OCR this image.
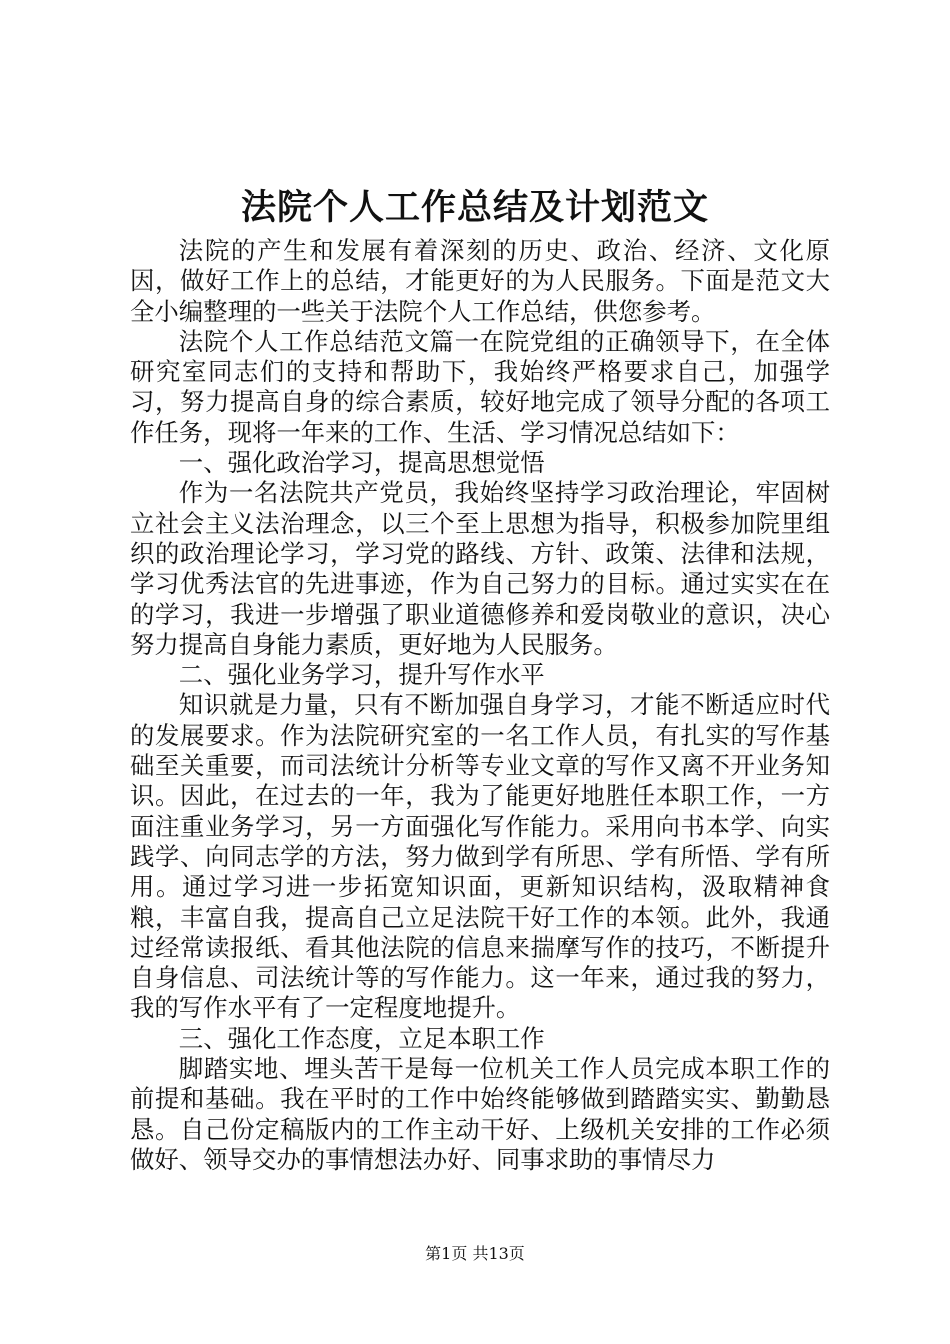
法院个人工作总结及计划范文

法院的产生和发展有着深刻的历史、政治、经济、文化原因，做好工作上的总结，才能更好的为人民服务。下面是范文大全小编整理的一些关于法院个人工作总结，供您参考。

法院个人工作总结范文篇一在院党组的正确领导下，在全体研究室同志们的支持和帮助下，我始终严格要求自己，加强学习，努力提高自身的综合素质，较好地完成了领导分配的各项工作任务，现将一年来的工作、生活、学习情况总结如下：

一、强化政治学习，提高思想觉悟

作为一名法院共产党员，我始终坚持学习政治理论，牢固树立社会主义法治理念，以三个至上思想为指导，积极参加院里组织的政治理论学习，学习党的路线、方针、政策、法律和法规，学习优秀法官的先进事迹，作为自己努力的目标。通过实实在在的学习，我进一步增强了职业道德修养和爱岗敬业的意识，决心努力提高自身能力素质，更好地为人民服务。

二、强化业务学习，提升写作水平

知识就是力量，只有不断加强自身学习，才能不断适应时代的发展要求。作为法院研究室的一名工作人员，有扎实的写作基础至关重要，而司法统计分析等专业文章的写作又离不开业务知识。因此，在过去的一年，我为了能更好地胜任本职工作，一方面注重业务学习，另一方面强化写作能力。采用向书本学、向实践学、向同志学的方法，努力做到学有所思、学有所悟、学有所用。通过学习进一步拓宽知识面，更新知识结构，汲取精神食粮，丰富自我，提高自己立足法院干好工作的本领。此外，我通过经常读报纸、看其他法院的信息来揣摩写作的技巧，不断提升自身信息、司法统计等的写作能力。这一年来，通过我的努力，我的写作水平有了一定程度地提升。

三、强化工作态度，立足本职工作

脚踏实地、埋头苦干是每一位机关工作人员完成本职工作的前提和基础。我在平时的工作中始终能够做到踏踏实实、勤勤恳恳。自己份定稿版内的工作主动干好、上级机关安排的工作必须做好、领导交办的事情想法办好、同事求助的事情尽力

第1页 共13页
